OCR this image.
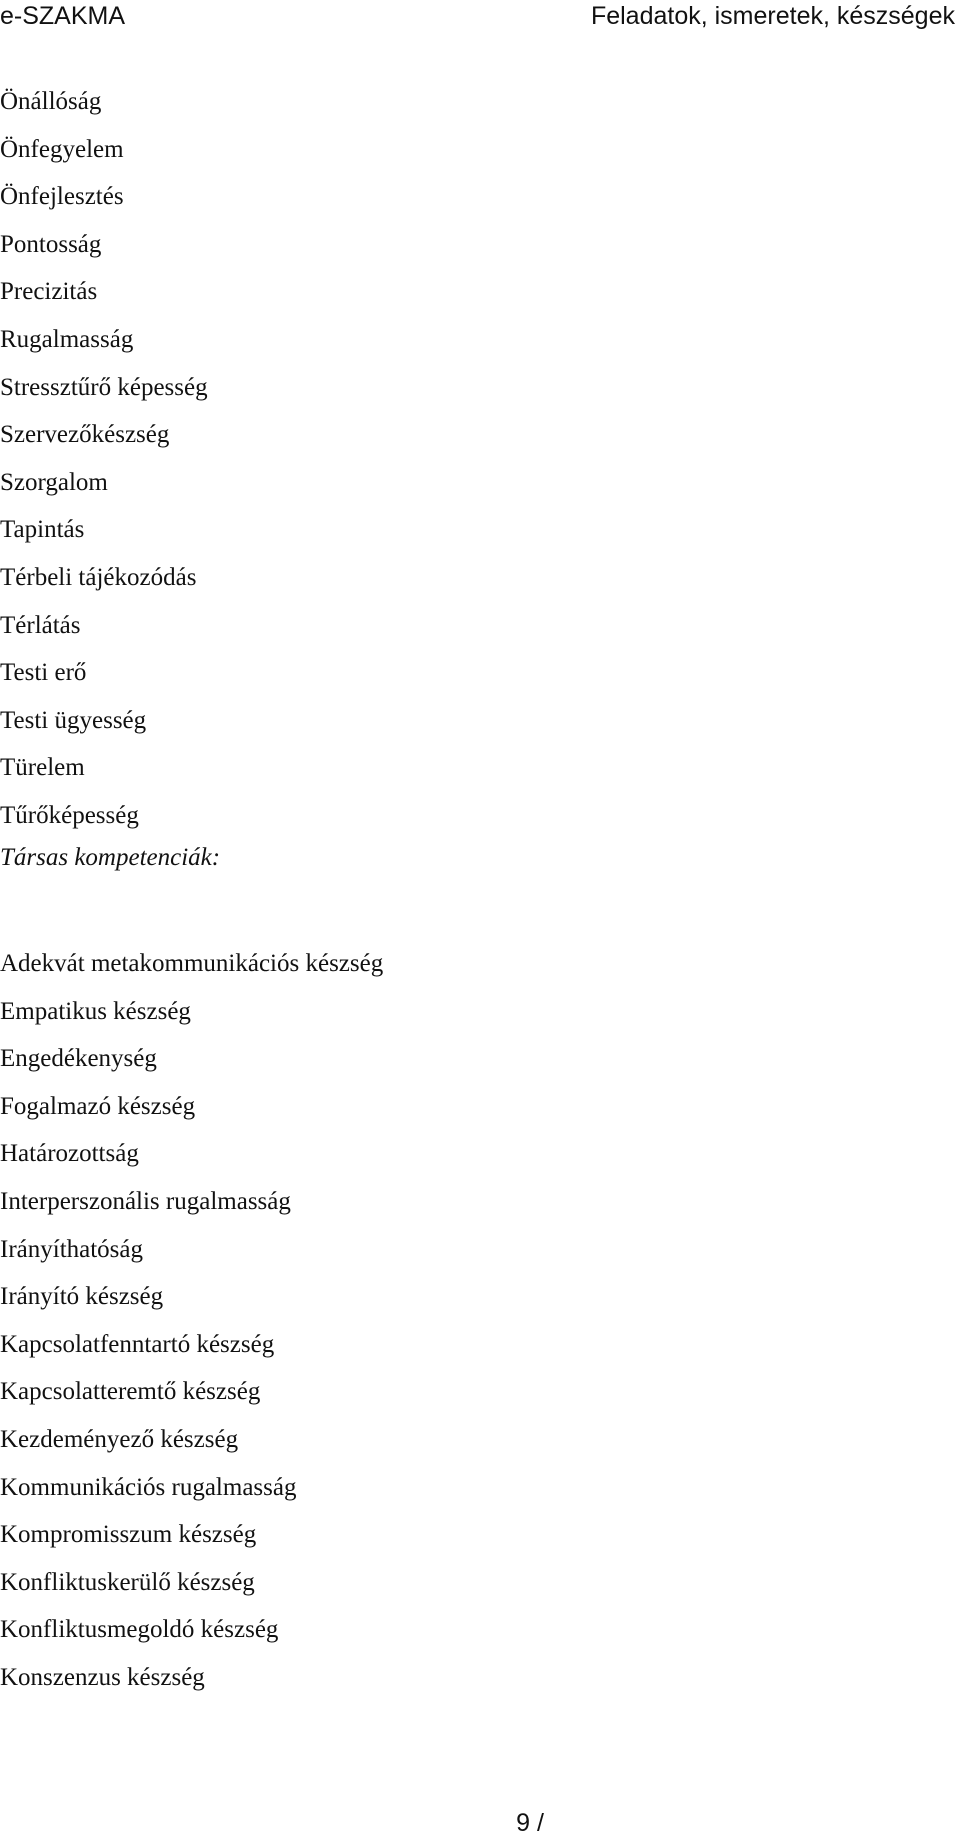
e-SZAKMA	Feladatok, ismeretek, készségek
Önállóság
Önfegyelem
Önfejlesztés
Pontosság
Precizitás
Rugalmasság
Stressztűrő képesség
Szervezőkészség
Szorgalom
Tapintás
Térbeli tájékozódás
Térlátás
Testi erő
Testi ügyesség
Türelem
Tűrőképesség
Társas kompetenciák:
Adekvát metakommunikációs készség
Empatikus készség
Engedékenység
Fogalmazó készség
Határozottság
Interperszonális rugalmasság
Irányíthatóság
Irányító készség
Kapcsolatfenntartó készség
Kapcsolatteremtő készség
Kezdeményező készség
Kommunikációs rugalmasság
Kompromisszum készség
Konfliktuskerülő készség
Konfliktusmegoldó készség
Konszenzus készség
9 /
